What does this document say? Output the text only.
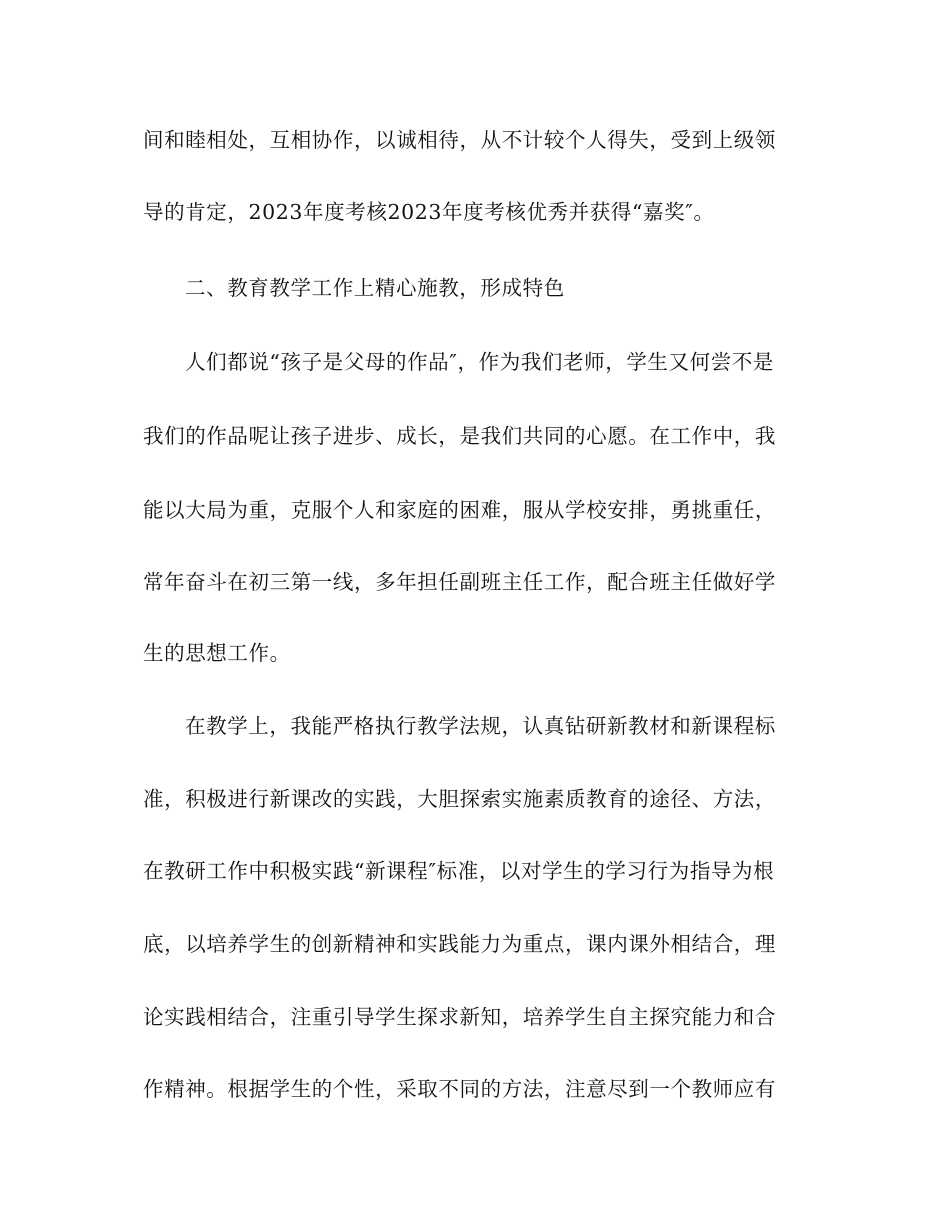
间和睦相处，互相协作，以诚相待，从不计较个人得失，受到上级领
导的肯定，2023年度考核2023年度考核优秀并获得“嘉奖″。
二、教育教学工作上精心施教，形成特色
人们都说“孩子是父母的作品″，作为我们老师，学生又何尝不是
我们的作品呢让孩子进步、成长，是我们共同的心愿。在工作中，我
能以大局为重，克服个人和家庭的困难，服从学校安排，勇挑重任，
常年奋斗在初三第一线，多年担任副班主任工作，配合班主任做好学
生的思想工作。
在教学上，我能严格执行教学法规，认真钻研新教材和新课程标
准，积极进行新课改的实践，大胆探索实施素质教育的途径、方法，
在教研工作中积极实践“新课程″标准，以对学生的学习行为指导为根
底，以培养学生的创新精神和实践能力为重点，课内课外相结合，理
论实践相结合，注重引导学生探求新知，培养学生自主探究能力和合
作精神。根据学生的个性，采取不同的方法，注意尽到一个教师应有
